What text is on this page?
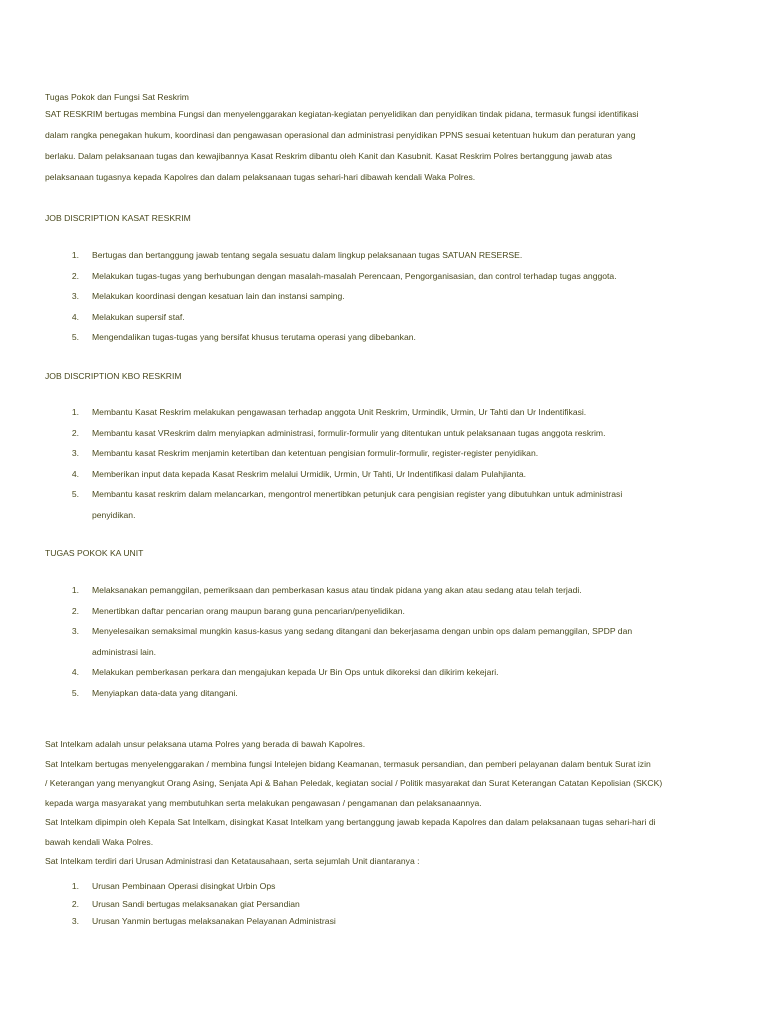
Tugas Pokok dan Fungsi Sat Reskrim
SAT RESKRIM bertugas membina Fungsi dan menyelenggarakan kegiatan-kegiatan penyelidikan dan penyidikan tindak pidana, termasuk fungsi identifikasi
dalam rangka penegakan hukum, koordinasi dan pengawasan operasional dan administrasi penyidikan PPNS sesuai ketentuan hukum dan peraturan yang
berlaku. Dalam pelaksanaan tugas dan kewajibannya Kasat Reskrim dibantu oleh Kanit dan Kasubnit. Kasat Reskrim Polres bertanggung jawab atas
pelaksanaan tugasnya kepada Kapolres dan dalam pelaksanaan tugas sehari-hari dibawah kendali Waka Polres.
JOB DISCRIPTION KASAT RESKRIM
1. Bertugas dan bertanggung jawab tentang segala sesuatu dalam lingkup pelaksanaan tugas SATUAN RESERSE.
2. Melakukan tugas-tugas yang berhubungan dengan masalah-masalah Perencaan, Pengorganisasian, dan control terhadap tugas anggota.
3. Melakukan koordinasi dengan kesatuan lain dan instansi samping.
4. Melakukan supersif staf.
5. Mengendalikan tugas-tugas yang bersifat khusus terutama operasi yang dibebankan.
JOB DISCRIPTION KBO RESKRIM
1. Membantu Kasat Reskrim melakukan pengawasan terhadap anggota Unit Reskrim, Urmindik, Urmin, Ur Tahti dan Ur Indentifikasi.
2. Membantu kasat VReskrim dalm menyiapkan administrasi, formulir-formulir yang ditentukan untuk pelaksanaan tugas anggota reskrim.
3. Membantu kasat Reskrim menjamin ketertiban dan ketentuan pengisian formulir-formulir, register-register penyidikan.
4. Memberikan input data kepada Kasat Reskrim melalui Urmidik, Urmin, Ur Tahti, Ur Indentifikasi dalam Pulahjianta.
5. Membantu kasat reskrim dalam melancarkan, mengontrol menertibkan petunjuk cara pengisian register yang dibutuhkan untuk administrasi
penyidikan.
TUGAS POKOK KA UNIT
1. Melaksanakan pemanggilan, pemeriksaan dan pemberkasan kasus atau tindak pidana yang akan atau sedang atau telah terjadi.
2. Menertibkan daftar pencarian orang maupun barang guna pencarian/penyelidikan.
3. Menyelesaikan semaksimal mungkin kasus-kasus yang sedang ditangani dan bekerjasama dengan unbin ops dalam pemanggilan, SPDP dan
administrasi lain.
4. Melakukan pemberkasan perkara dan mengajukan kepada Ur Bin Ops untuk dikoreksi dan dikirim kekejari.
5. Menyiapkan data-data yang ditangani.
Sat Intelkam adalah unsur pelaksana utama Polres yang berada di bawah Kapolres.
Sat Intelkam bertugas menyelenggarakan / membina fungsi Intelejen bidang Keamanan, termasuk persandian, dan pemberi pelayanan dalam bentuk Surat izin
/ Keterangan yang menyangkut Orang Asing, Senjata Api & Bahan Peledak, kegiatan social / Politik masyarakat dan Surat Keterangan Catatan Kepolisian (SKCK)
kepada warga masyarakat yang membutuhkan serta melakukan pengawasan / pengamanan dan pelaksanaannya.
Sat Intelkam dipimpin oleh Kepala Sat Intelkam, disingkat Kasat Intelkam yang bertanggung jawab kepada Kapolres dan dalam pelaksanaan tugas sehari-hari di
bawah kendali Waka Polres.
Sat Intelkam terdiri dari Urusan Administrasi dan Ketatausahaan, serta sejumlah Unit diantaranya :
1. Urusan Pembinaan Operasi disingkat Urbin Ops
2. Urusan Sandi bertugas melaksanakan giat Persandian
3. Urusan Yanmin bertugas melaksanakan Pelayanan Administrasi
